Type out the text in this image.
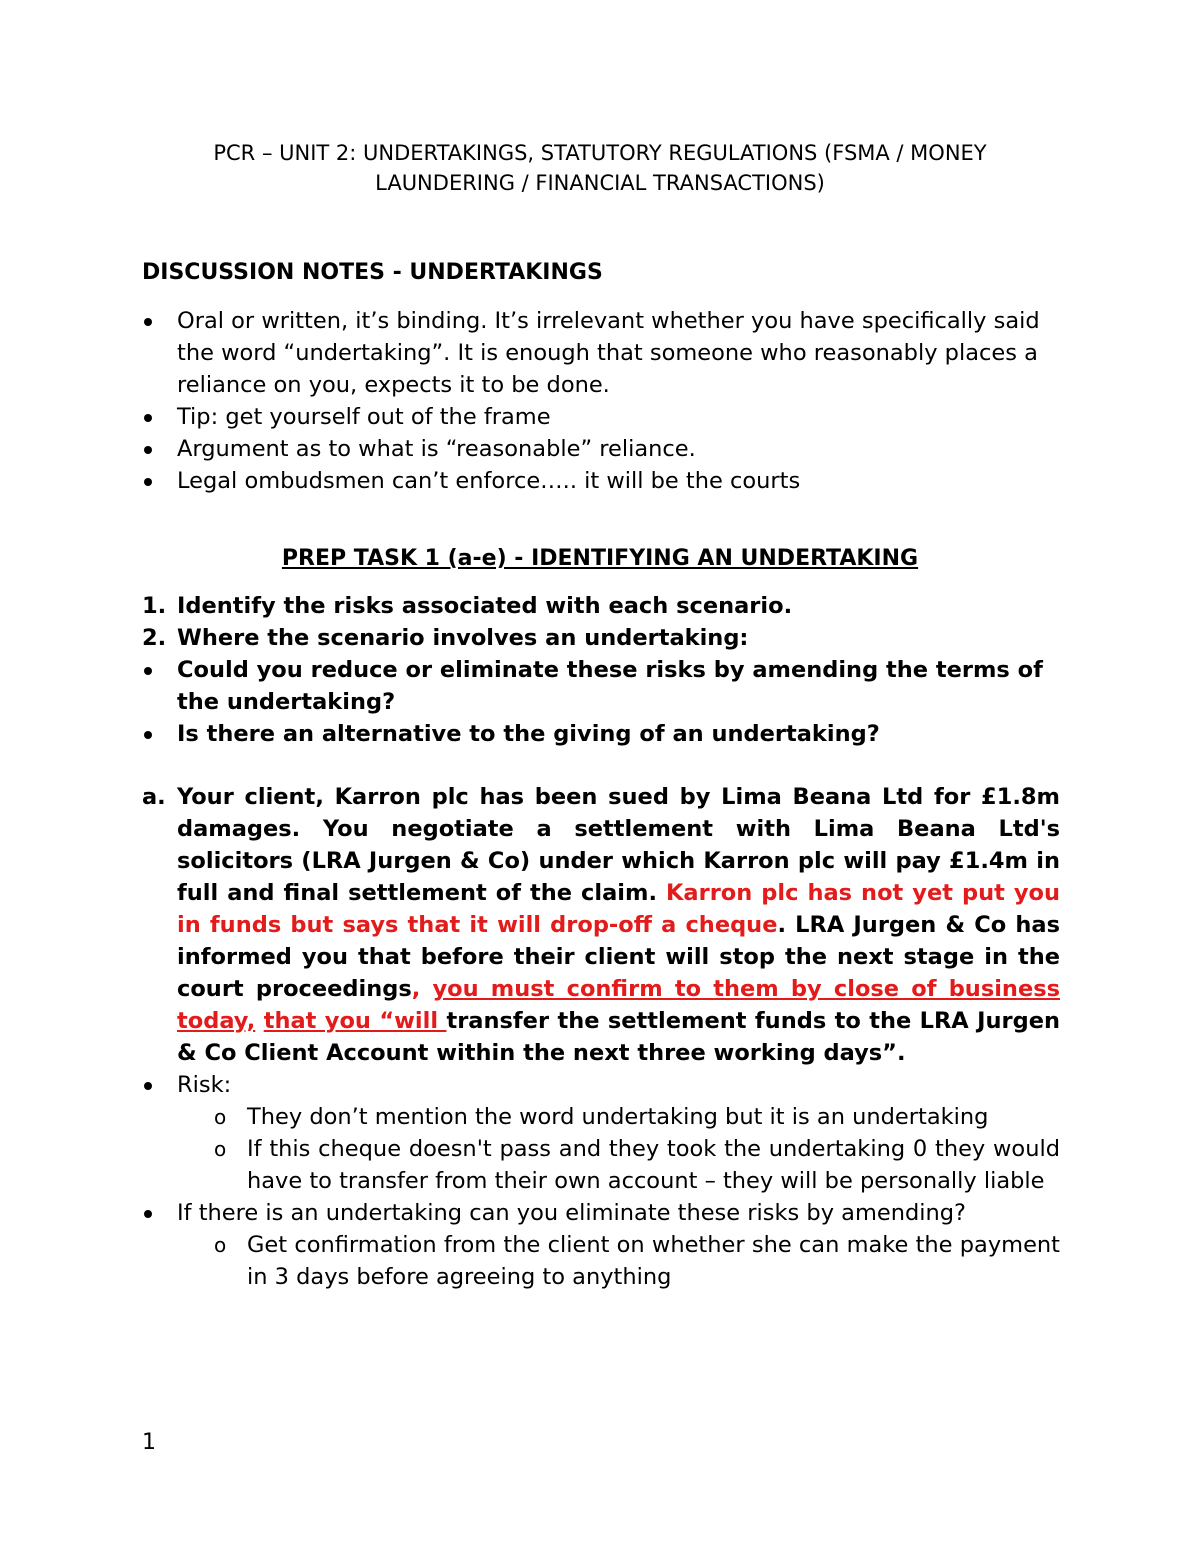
PCR – UNIT 2: UNDERTAKINGS, STATUTORY REGULATIONS (FSMA / MONEY
LAUNDERING / FINANCIAL TRANSACTIONS)
DISCUSSION NOTES - UNDERTAKINGS
Oral or written, it’s binding. It’s irrelevant whether you have specifically said the word “undertaking”. It is enough that someone who reasonably places a reliance on you, expects it to be done.
Tip: get yourself out of the frame
Argument as to what is “reasonable” reliance.
Legal ombudsmen can’t enforce….. it will be the courts
PREP TASK 1 (a-e) - IDENTIFYING AN UNDERTAKING
1. Identify the risks associated with each scenario.
2. Where the scenario involves an undertaking:
Could you reduce or eliminate these risks by amending the terms of the undertaking?
Is there an alternative to the giving of an undertaking?
a. Your client, Karron plc has been sued by Lima Beana Ltd for £1.8m damages. You negotiate a settlement with Lima Beana Ltd's solicitors (LRA Jurgen & Co) under which Karron plc will pay £1.4m in full and final settlement of the claim. Karron plc has not yet put you in funds but says that it will drop-off a cheque. LRA Jurgen & Co has informed you that before their client will stop the next stage in the court proceedings, you must confirm to them by close of business today, that you “will transfer the settlement funds to the LRA Jurgen & Co Client Account within the next three working days”.
Risk:
o They don’t mention the word undertaking but it is an undertaking
o If this cheque doesn't pass and they took the undertaking 0 they would have to transfer from their own account – they will be personally liable
If there is an undertaking can you eliminate these risks by amending?
o Get confirmation from the client on whether she can make the payment in 3 days before agreeing to anything
1
